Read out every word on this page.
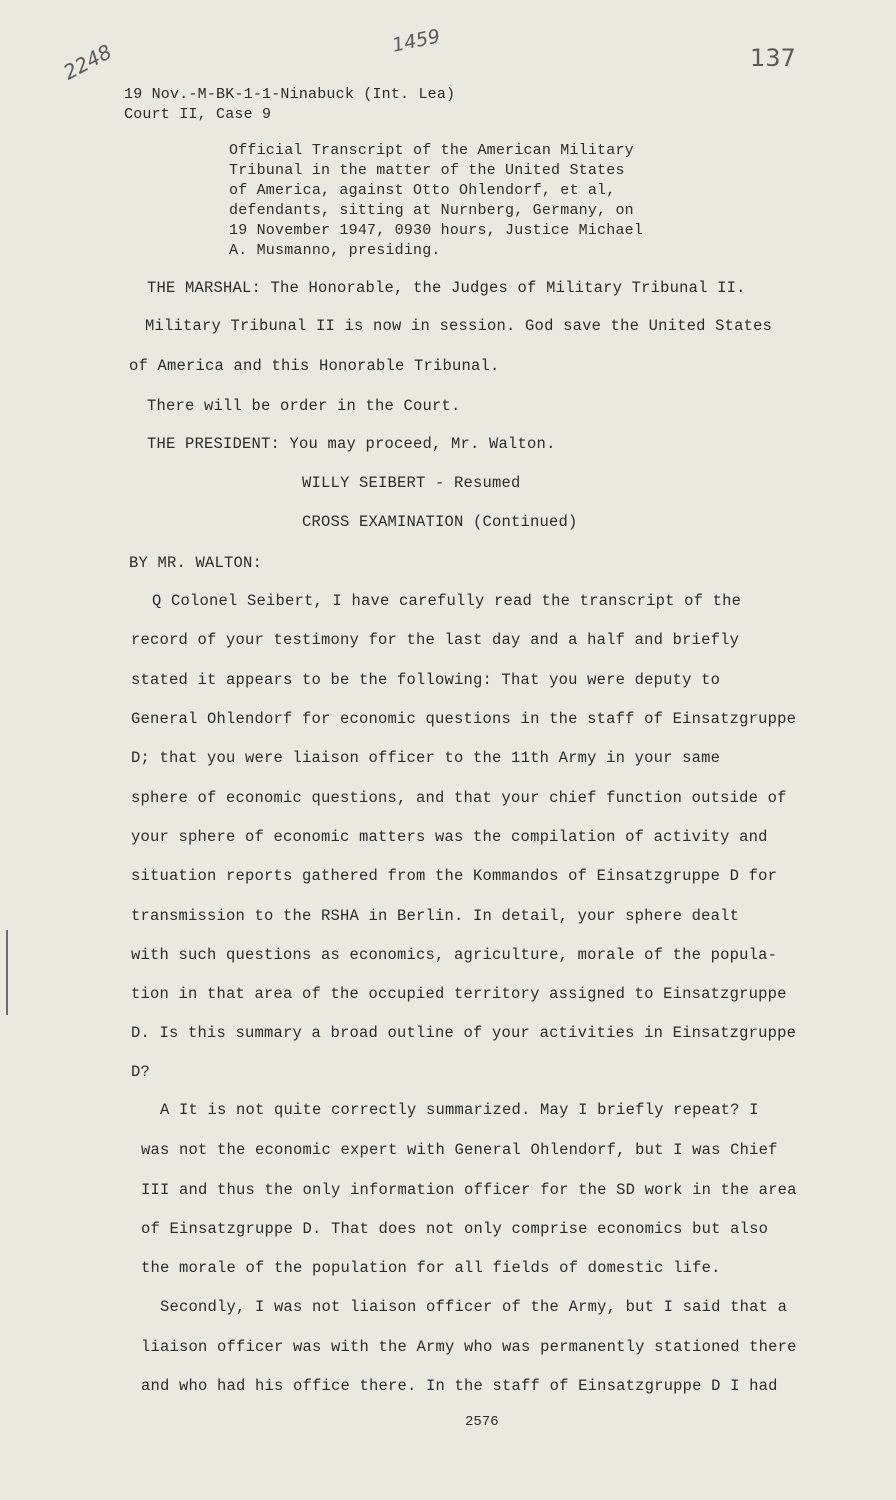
2248	1459
137
19 Nov.-M-BK-1-1-Ninabuck (Int. Lea)
Court II, Case 9
Official Transcript of the American Military
Tribunal in the matter of the United States
of America, against Otto Ohlendorf, et al,
defendants, sitting at Nurnberg, Germany, on
19 November 1947, 0930 hours, Justice Michael
A. Musmanno, presiding.
THE MARSHAL: The Honorable, the Judges of Military Tribunal II.
Military Tribunal II is now in session. God save the United States
of America and this Honorable Tribunal.
There will be order in the Court.
THE PRESIDENT: You may proceed, Mr. Walton.
WILLY SEIBERT - Resumed
CROSS EXAMINATION (Continued)
BY MR. WALTON:
Q Colonel Seibert, I have carefully read the transcript of the
record of your testimony for the last day and a half and briefly
stated it appears to be the following: That you were deputy to
General Ohlendorf for economic questions in the staff of Einsatzgruppe
D; that you were liaison officer to the 11th Army in your same
sphere of economic questions, and that your chief function outside of
your sphere of economic matters was the compilation of activity and
situation reports gathered from the Kommandos of Einsatzgruppe D for
transmission to the RSHA in Berlin. In detail, your sphere dealt
with such questions as economics, agriculture, morale of the popula-
tion in that area of the occupied territory assigned to Einsatzgruppe
D. Is this summary a broad outline of your activities in Einsatzgruppe
D?
A It is not quite correctly summarized. May I briefly repeat? I
was not the economic expert with General Ohlendorf, but I was Chief
III and thus the only information officer for the SD work in the area
of Einsatzgruppe D. That does not only comprise economics but also
the morale of the population for all fields of domestic life.
Secondly, I was not liaison officer of the Army, but I said that a
liaison officer was with the Army who was permanently stationed there
and who had his office there. In the staff of Einsatzgruppe D I had
2576
